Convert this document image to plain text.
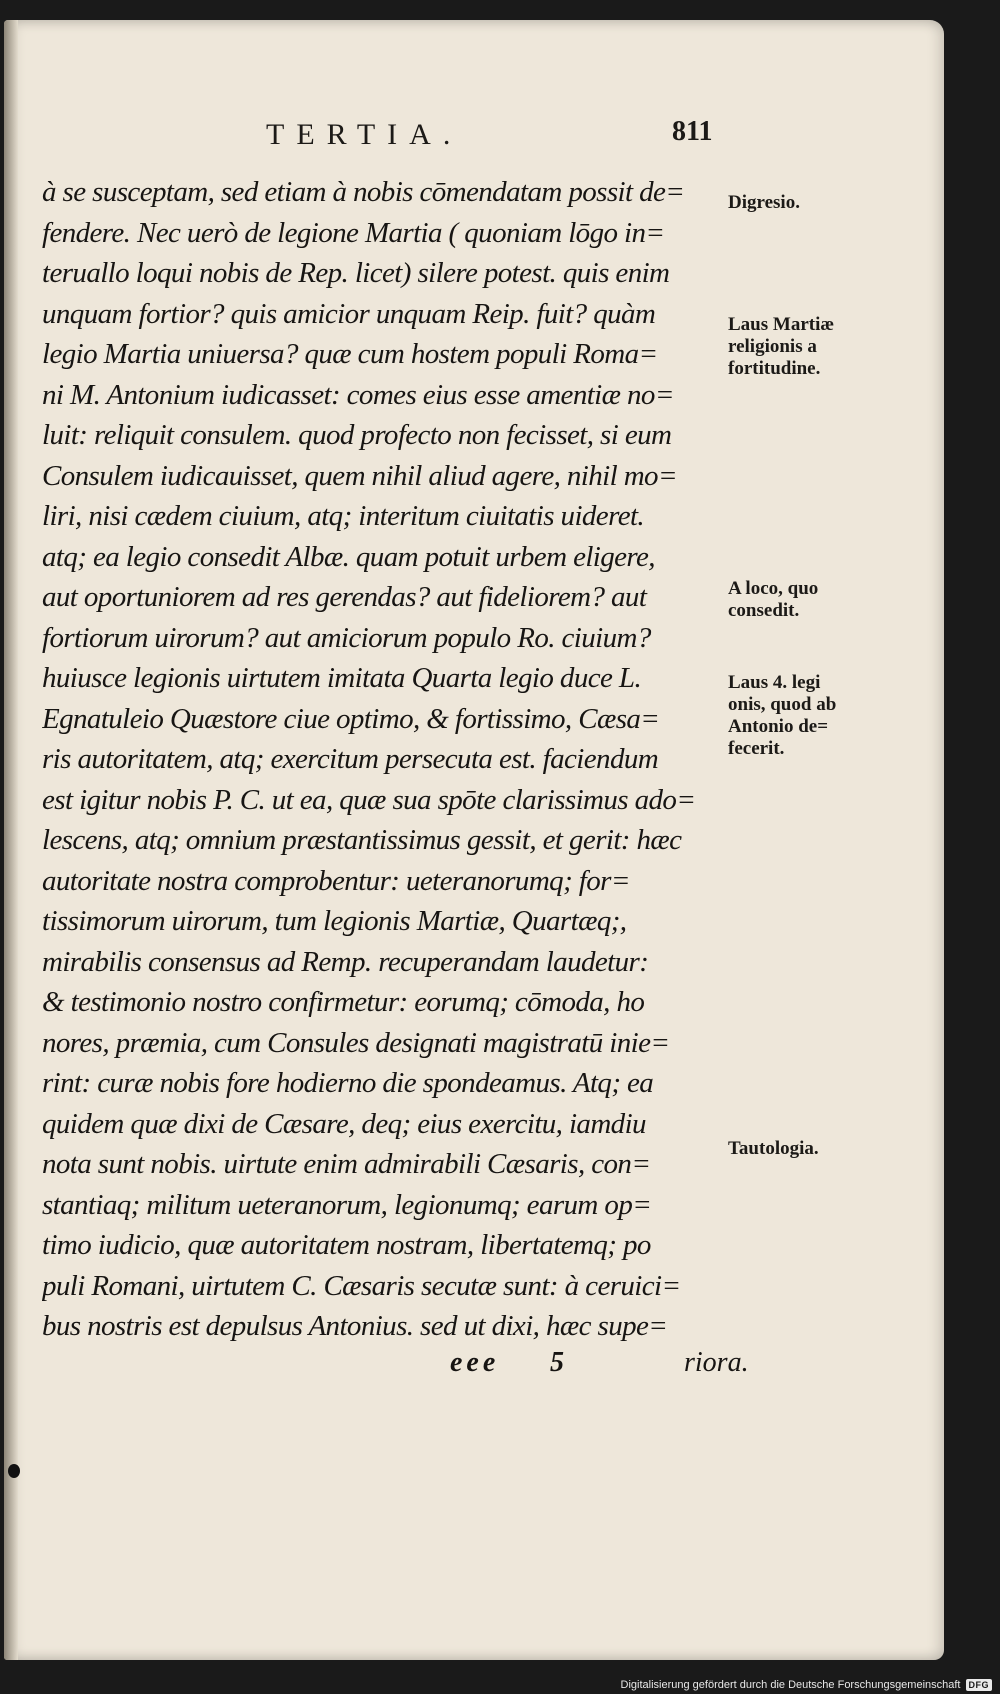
TERTIA.	811
à se susceptam, sed etiam à nobis cōmendatam possit de=
fendere. Nec uerò de legione Martia ( quoniam lōgo in=
teruallo loqui nobis de Rep. licet) silere potest. quis enim
unquam fortior? quis amicior unquam Reip. fuit? quàm
legio Martia uniuersa? quæ cum hostem populi Roma=
ni M. Antonium iudicasset: comes eius esse amentiæ no=
luit: reliquit consulem. quod profecto non fecisset, si eum
Consulem iudicauisset, quem nihil aliud agere, nihil mo=
liri, nisi cædem ciuium, atq; interitum ciuitatis uideret.
atq; ea legio consedit Albæ. quam potuit urbem eligere,
aut oportuniorem ad res gerendas? aut fideliorem? aut
fortiorum uirorum? aut amiciorum populo Ro. ciuium?
huiusce legionis uirtutem imitata Quarta legio duce L.
Egnatuleio Quæstore ciue optimo, & fortissimo, Cæsa=
ris autoritatem, atq; exercitum persecuta est. faciendum
est igitur nobis P. C. ut ea, quæ sua spōte clarissimus ado=
lescens, atq; omnium præstantissimus gessit, et gerit: hæc
autoritate nostra comprobentur: ueteranorumq; for=
tissimorum uirorum, tum legionis Martiæ, Quartæq;,
mirabilis consensus ad Remp. recuperandam laudetur:
& testimonio nostro confirmetur: eorumq; cōmoda, ho
nores, præmia, cum Consules designati magistratū inie=
rint: curæ nobis fore hodierno die spondeamus. Atq; ea
quidem quæ dixi de Cæsare, deq; eius exercitu, iamdiu
nota sunt nobis. uirtute enim admirabili Cæsaris, con=
stantiaq; militum ueteranorum, legionumq; earum op=
timo iudicio, quæ autoritatem nostram, libertatemq; po
puli Romani, uirtutem C. Cæsaris secutæ sunt: à ceruici=
bus nostris est depulsus Antonius. sed ut dixi, hæc supe=
eee 5	riora.
Digresio.
Laus Martiæ
religionis a
fortitudine.
A loco, quo
consedit.
Laus 4. legi
onis, quod ab
Antonio de=
fecerit.
Tautologia.
Digitalisierung gefördert durch die Deutsche Forschungsgemeinschaft DFG
